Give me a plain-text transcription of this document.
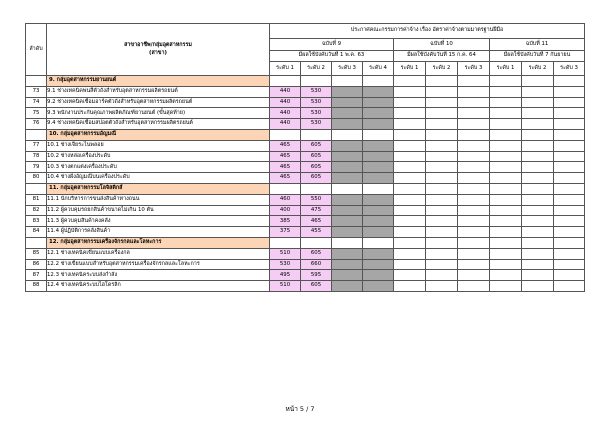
ลำดับ	สาขาอาชีพ/กลุ่มอุตสาหกรรม
(สาขา)	ประกาศคณะกรรมการค่าจ้าง เรื่อง อัตราค่าจ้างตามมาตรฐานฝีมือ									
		ฉบับที่ 9				ฉบับที่ 10			ฉบับที่ 11		
		มีผลใช้บังคับวันที่ 1 พ.ค. 63				มีผลใช้บังคับวันที่ 15 ก.ค. 64			มีผลใช้บังคับวันที่ 7 กันยายน		
		ระดับ 1	ระดับ 2	ระดับ 3	ระดับ 4	ระดับ 1	ระดับ 2	ระดับ 3	ระดับ 1	ระดับ 2	ระดับ 3
	9. กลุ่มอุตสาหกรรมยานยนต์										
73	9.1 ช่างเทคนิคพ่นสีตัวถังสำหรับอุตสาหกรรมผลิตรถยนต์	440	530								
74	9.2 ช่างเทคนิคเชื่อมอาร์คตัวถังสำหรับอุตสาหกรรมผลิตรถยนต์	440	530								
75	9.3 พนักงานประกันคุณภาพผลิตภัณฑ์ยานยนต์ (ขั้นสุดท้าย)	440	530								
76	9.4 ช่างเทคนิคเชื่อมสปอตตัวถังสำหรับอุตสาหกรรมผลิตรถยนต์	440	530								
	10. กลุ่มอุตสาหกรรมอัญมณี										
77	10.1 ช่างเจียระไนพลอย	465	605								
78	10.2 ช่างหล่อเครื่องประดับ	465	605								
79	10.3 ช่างตกแต่งเครื่องประดับ	465	605								
80	10.4 ช่างฝังอัญมณีบนเครื่องประดับ	465	605								
	11. กลุ่มอุตสาหกรรมโลจิสติกส์										
81	11.1 นักบริหารการขนส่งสินค้าทางถนน	460	550								
82	11.2 ผู้ควบคุมรถยกสินค้าขนาดไม่เกิน 10 ตัน	400	475								
83	11.3 ผู้ควบคุมสินค้าคงคลัง	385	465								
84	11.4 ผู้ปฏิบัติการคลังสินค้า	375	455								
	12. กลุ่มอุตสาหกรรมเครื่องจักรกลและโลหะการ										
85	12.1 ช่างเทคนิคเขียนแบบเครื่องกล	510	605								
86	12.2 ช่างเขียนแบบสำหรับอุตสาหกรรมเครื่องจักรกลและโลหะการ	530	660								
87	12.3 ช่างเทคนิคระบบส่งกำลัง	495	595								
88	12.4 ช่างเทคนิคระบบไฮโดรลิก	510	605								
หน้า 5 / 7
